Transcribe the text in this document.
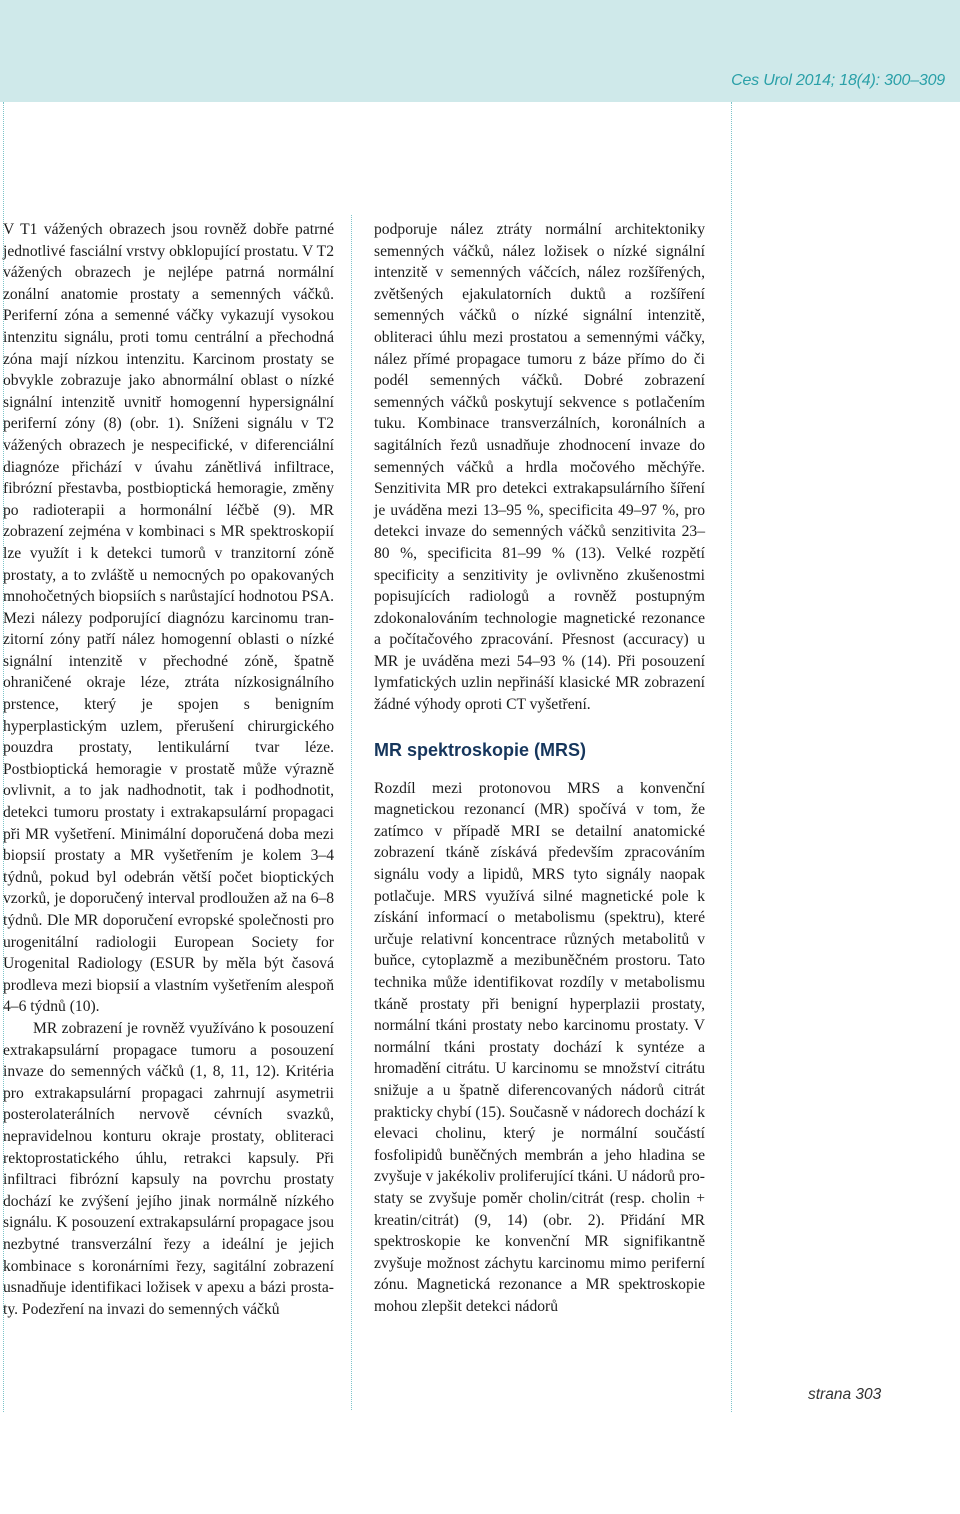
Ces Urol 2014; 18(4): 300–309

V T1 vážených obrazech jsou rovněž dobře patrné jednotlivé fasciální vrstvy obklopující prostatu. V T2 vážených obrazech je nejlépe patrná normální zonální anatomie prostaty a semenných váčků. Periferní zóna a semenné váčky vykazují vysokou intenzitu signálu, proti tomu centrální a přechodná zóna mají nízkou intenzitu. Karcinom prostaty se obvykle zobrazuje jako abnormální oblast o nízké signální intenzitě uvnitř homogenní hypersignální periferní zóny (8) (obr. 1). Sníženi signálu v T2 vážených obrazech je nespecifické, v diferenciální diagnóze přichází v úvahu zánětlivá infiltrace, fibrózní přestavba, postbioptická hemoragie, změny po radioterapii a hormonální léčbě (9). MR zobrazení zejména v kombinaci s MR spektroskopií lze využít i k detekci tumorů v tranzitorní zóně prostaty, a to zvláště u nemocných po opakovaných mnohočetných biopsiích s narůstající hodnotou PSA. Mezi nálezy podporující diagnózu karcinomu tranzitorní zóny patří nález homogenní oblasti o nízké signální intenzitě v přechodné zóně, špatně ohraničené okraje léze, ztráta nízkosignálního prstence, který je spojen s benigním hyperplastickým uzlem, přerušení chirurgického pouzdra prostaty, lentikulární tvar léze. Postbioptická hemoragie v prostatě může výrazně ovlivnit, a to jak nadhodnotit, tak i podhodnotit, detekci tumoru prostaty i extrakapsulární propagaci při MR vyšetření. Minimální doporučená doba mezi biopsií prostaty a MR vyšetřením je kolem 3–4 týdnů, pokud byl odebrán větší počet bioptických vzorků, je doporučený interval prodloužen až na 6–8 týdnů. Dle MR doporučení evropské společnosti pro urogenitální radiologii European Society for Urogenital Radiology (ESUR by měla být časová prodleva mezi biopsií a vlastním vyšetřením alespoň 4–6 týdnů (10).

MR zobrazení je rovněž využíváno k posouzení extrakapsulární propagace tumoru a posouzení invaze do semenných váčků (1, 8, 11, 12). Kritéria pro extrakapsulární propagaci zahrnují asymetrii posterolaterálních nervově cévních svazků, nepravidelnou konturu okraje prostaty, obliteraci rektoprostatického úhlu, retrakci kapsuly. Při infiltraci fibrózní kapsuly na povrchu prostaty dochází ke zvýšení jejího jinak normálně nízkého signálu. K posouzení extrakapsulární propagace jsou nezbytné transverzální řezy a ideální je jejich kombinace s koronárními řezy, sagitální zobrazení usnadňuje identifikaci ložisek v apexu a bázi prostaty. Podezření na invazi do semenných váčků

podporuje nález ztráty normální architektoniky semenných váčků, nález ložisek o nízké signální intenzitě v semenných váčcích, nález rozšířených, zvětšených ejakulatorních duktů a rozšíření semenných váčků o nízké signální intenzitě, obliteraci úhlu mezi prostatou a semennými váčky, nález přímé propagace tumoru z báze přímo do či podél semenných váčků. Dobré zobrazení semenných váčků poskytují sekvence s potlačením tuku. Kombinace transverzálních, koronálních a sagitálních řezů usnadňuje zhodnocení invaze do semenných váčků a hrdla močového měchýře. Senzitivita MR pro detekci extrakapsulárního šíření je uváděna mezi 13–95 %, specificita 49–97 %, pro detekci invaze do semenných váčků senzitivita 23–80 %, specificita 81–99 % (13). Velké rozpětí specificity a senzitivity je ovlivněno zkušenostmi popisujících radiologů a rovněž postupným zdokonalováním technologie magnetické rezonance a počítačového zpracování. Přesnost (accuracy) u MR je uváděna mezi 54–93 % (14). Při posouzení lymfatických uzlin nepřináší klasické MR zobrazení žádné výhody oproti CT vyšetření.

MR spektroskopie (MRS)

Rozdíl mezi protonovou MRS a konvenční magnetickou rezonancí (MR) spočívá v tom, že zatímco v případě MRI se detailní anatomické zobrazení tkáně získává především zpracováním signálu vody a lipidů, MRS tyto signály naopak potlačuje. MRS využívá silné magnetické pole k získání informací o metabolismu (spektru), které určuje relativní koncentrace různých metabolitů v buňce, cytoplazmě a mezibuněčném prostoru. Tato technika může identifikovat rozdíly v metabolismu tkáně prostaty při benigní hyperplazii prostaty, normální tkáni prostaty nebo karcinomu prostaty. V normální tkáni prostaty dochází k syntéze a hromadění citrátu. U karcinomu se množství citrátu snižuje a u špatně diferencovaných nádorů citrát prakticky chybí (15). Současně v nádorech dochází k elevaci cholinu, který je normální součástí fosfolipidů buněčných membrán a jeho hladina se zvyšuje v jakékoliv proliferující tkáni. U nádorů prostaty se zvyšuje poměr cholin/citrát (resp. cholin + kreatin/citrát) (9, 14) (obr. 2). Přidání MR spektroskopie ke konvenční MR signifikantně zvyšuje možnost záchytu karcinomu mimo periferní zónu. Magnetická rezonance a MR spektroskopie mohou zlepšit detekci nádorů

strana 303
